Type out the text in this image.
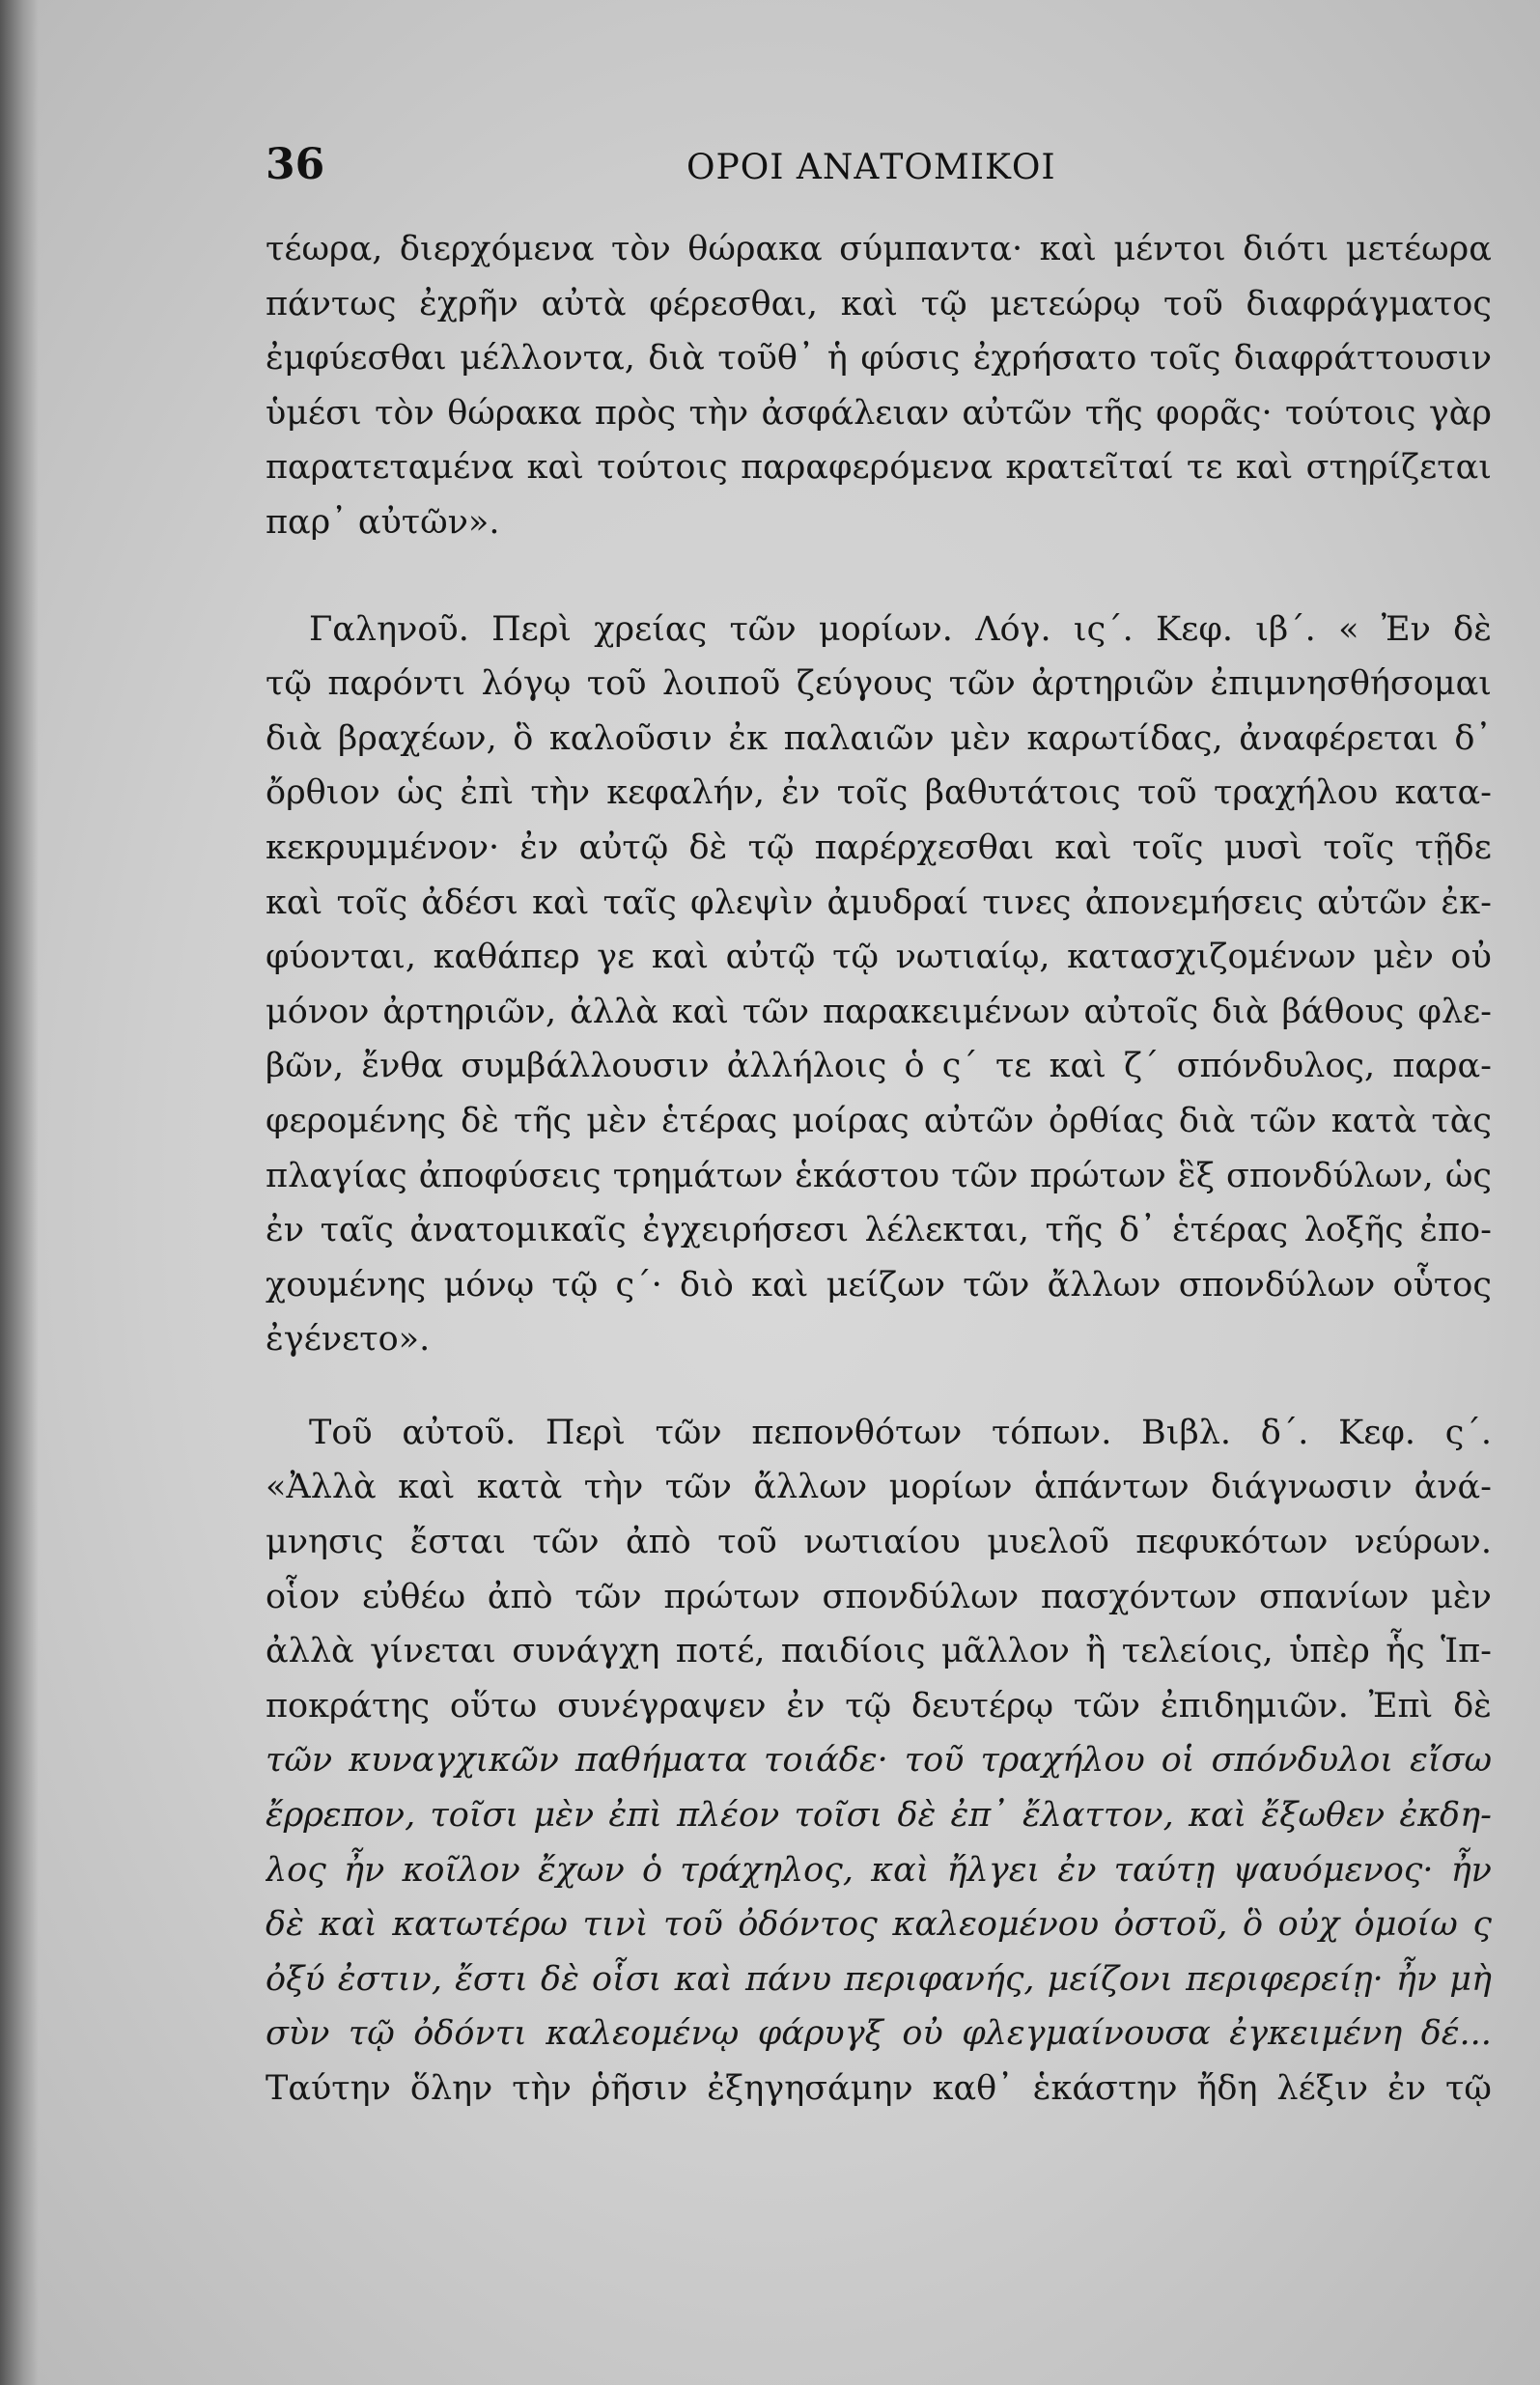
36	ΟΡΟΙ ΑΝΑΤΟΜΙΚΟΙ
τέωρα, διερχόμενα τὸν θώρακα σύμπαντα· καὶ μέντοι διότι μετέωρα
πάντως ἐχρῆν αὐτὰ φέρεσθαι, καὶ τῷ μετεώρῳ τοῦ διαφράγματος
ἐμφύεσθαι μέλλοντα, διὰ τοῦθ᾽ ἡ φύσις ἐχρήσατο τοῖς διαφράττουσιν
ὑμέσι τὸν θώρακα πρὸς τὴν ἀσφάλειαν αὐτῶν τῆς φορᾶς· τούτοις γὰρ
παρατεταμένα καὶ τούτοις παραφερόμενα κρατεῖταί τε καὶ στηρίζεται
παρ᾽ αὐτῶν».
Γαληνοῦ. Περὶ χρείας τῶν μορίων. Λόγ. ις΄. Κεφ. ιβ΄. « Ἐν δὲ
τῷ παρόντι λόγῳ τοῦ λοιποῦ ζεύγους τῶν ἀρτηριῶν ἐπιμνησθήσομαι
διὰ βραχέων, ὃ καλοῦσιν ἐκ παλαιῶν μὲν καρωτίδας, ἀναφέρεται δ᾽
ὄρθιον ὡς ἐπὶ τὴν κεφαλήν, ἐν τοῖς βαθυτάτοις τοῦ τραχήλου κατα-
κεκρυμμένον· ἐν αὐτῷ δὲ τῷ παρέρχεσθαι καὶ τοῖς μυσὶ τοῖς τῇδε
καὶ τοῖς ἀδέσι καὶ ταῖς φλεψὶν ἀμυδραί τινες ἀπονεμήσεις αὐτῶν ἐκ-
φύονται, καθάπερ γε καὶ αὐτῷ τῷ νωτιαίῳ, κατασχιζομένων μὲν οὐ
μόνον ἀρτηριῶν, ἀλλὰ καὶ τῶν παρακειμένων αὐτοῖς διὰ βάθους φλε-
βῶν, ἔνθα συμβάλλουσιν ἀλλήλοις ὁ ς΄ τε καὶ ζ΄ σπόνδυλος, παρα-
φερομένης δὲ τῆς μὲν ἑτέρας μοίρας αὐτῶν ὀρθίας διὰ τῶν κατὰ τὰς
πλαγίας ἀποφύσεις τρημάτων ἑκάστου τῶν πρώτων ἓξ σπονδύλων, ὡς
ἐν ταῖς ἀνατομικαῖς ἐγχειρήσεσι λέλεκται, τῆς δ᾽ ἑτέρας λοξῆς ἐπο-
χουμένης μόνῳ τῷ ς΄· διὸ καὶ μείζων τῶν ἄλλων σπονδύλων οὗτος
ἐγένετο».
Τοῦ αὐτοῦ. Περὶ τῶν πεπονθότων τόπων. Βιβλ. δ΄. Κεφ. ς΄.
«Ἀλλὰ καὶ κατὰ τὴν τῶν ἄλλων μορίων ἁπάντων διάγνωσιν ἀνά-
μνησις ἔσται τῶν ἀπὸ τοῦ νωτιαίου μυελοῦ πεφυκότων νεύρων.
οἷον εὐθέω ἀπὸ τῶν πρώτων σπονδύλων πασχόντων σπανίων μὲν
ἀλλὰ γίνεται συνάγχη ποτέ, παιδίοις μᾶλλον ἢ τελείοις, ὑπὲρ ἧς Ἱπ-
ποκράτης οὕτω συνέγραψεν ἐν τῷ δευτέρῳ τῶν ἐπιδημιῶν. Ἐπὶ δὲ
τῶν κυναγχικῶν παθήματα τοιάδε· τοῦ τραχήλου οἱ σπόνδυλοι εἴσω
ἔρρεπον, τοῖσι μὲν ἐπὶ πλέον τοῖσι δὲ ἐπ᾽ ἔλαττον, καὶ ἔξωθεν ἐκδη-
λος ἦν κοῖλον ἔχων ὁ τράχηλος, καὶ ἤλγει ἐν ταύτῃ ψαυόμενος· ἦν
δὲ καὶ κατωτέρω τινὶ τοῦ ὀδόντος καλεομένου ὀστοῦ, ὃ οὐχ ὁμοίω ς
ὀξύ ἐστιν, ἔστι δὲ οἷσι καὶ πάνυ περιφανής, μείζονι περιφερείῃ· ἦν μὴ
σὺν τῷ ὀδόντι καλεομένῳ φάρυγξ οὐ φλεγμαίνουσα ἐγκειμένη δέ...
Ταύτην ὅλην τὴν ῥῆσιν ἐξηγησάμην καθ᾽ ἑκάστην ἤδη λέξιν ἐν τῷ
